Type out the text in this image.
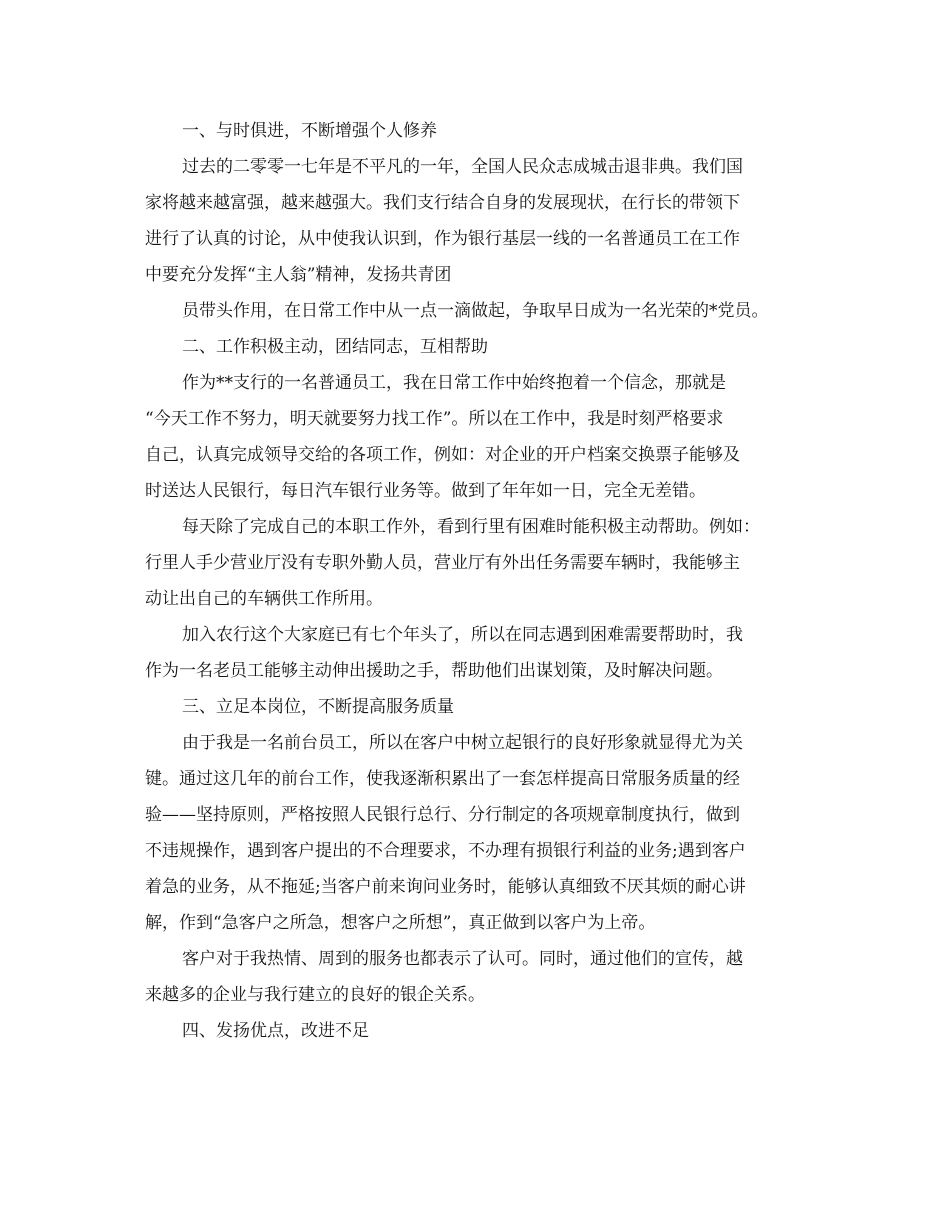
一、与时俱进，不断增强个人修养
过去的二零零一七年是不平凡的一年，全国人民众志成城击退非典。我们国
家将越来越富强，越来越强大。我们支行结合自身的发展现状，在行长的带领下
进行了认真的讨论，从中使我认识到，作为银行基层一线的一名普通员工在工作
中要充分发挥“主人翁”精神，发扬共青团
员带头作用，在日常工作中从一点一滴做起，争取早日成为一名光荣的*党员。
二、工作积极主动，团结同志，互相帮助
作为**支行的一名普通员工，我在日常工作中始终抱着一个信念，那就是
“今天工作不努力，明天就要努力找工作”。所以在工作中，我是时刻严格要求
自己，认真完成领导交给的各项工作，例如：对企业的开户档案交换票子能够及
时送达人民银行，每日汽车银行业务等。做到了年年如一日，完全无差错。
每天除了完成自己的本职工作外，看到行里有困难时能积极主动帮助。例如：
行里人手少营业厅没有专职外勤人员，营业厅有外出任务需要车辆时，我能够主
动让出自己的车辆供工作所用。
加入农行这个大家庭已有七个年头了，所以在同志遇到困难需要帮助时，我
作为一名老员工能够主动伸出援助之手，帮助他们出谋划策，及时解决问题。
三、立足本岗位，不断提高服务质量
由于我是一名前台员工，所以在客户中树立起银行的良好形象就显得尤为关
键。通过这几年的前台工作，使我逐渐积累出了一套怎样提高日常服务质量的经
验——坚持原则，严格按照人民银行总行、分行制定的各项规章制度执行，做到
不违规操作，遇到客户提出的不合理要求，不办理有损银行利益的业务;遇到客户
着急的业务，从不拖延;当客户前来询问业务时，能够认真细致不厌其烦的耐心讲
解，作到“急客户之所急，想客户之所想”，真正做到以客户为上帝。
客户对于我热情、周到的服务也都表示了认可。同时，通过他们的宣传，越
来越多的企业与我行建立的良好的银企关系。
四、发扬优点，改进不足
